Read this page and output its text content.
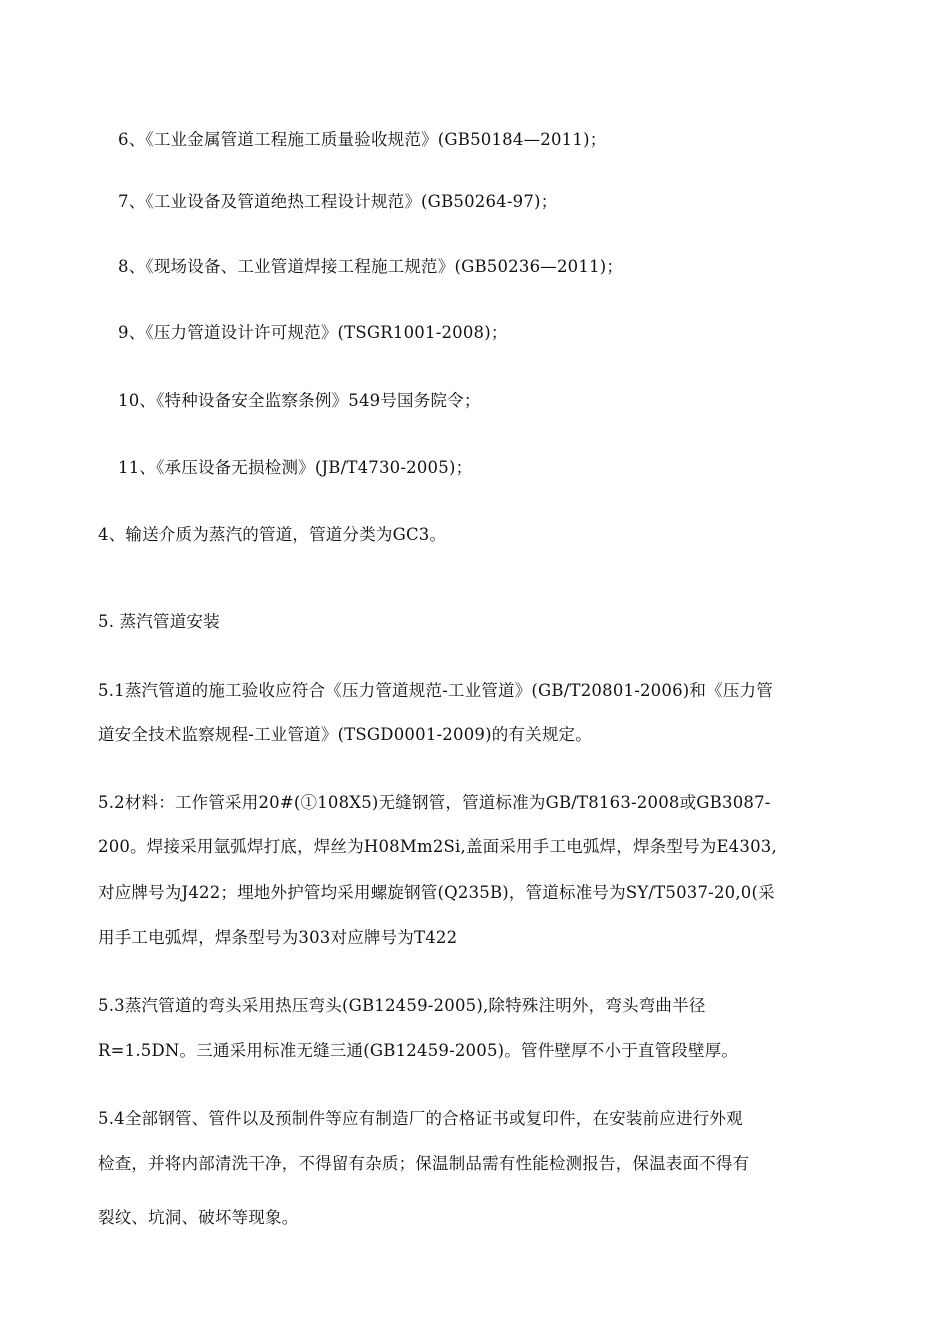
6、《工业金属管道工程施工质量验收规范》(GB50184—2011)；
7、《工业设备及管道绝热工程设计规范》(GB50264-97)；
8、《现场设备、工业管道焊接工程施工规范》(GB50236—2011)；
9、《压力管道设计许可规范》(TSGR1001-2008)；
10、《特种设备安全监察条例》549号国务院令；
11、《承压设备无损检测》(JB/T4730-2005)；
4、输送介质为蒸汽的管道，管道分类为GC3。
5. 蒸汽管道安装
5.1蒸汽管道的施工验收应符合《压力管道规范-工业管道》(GB/T20801-2006)和《压力管
道安全技术监察规程-工业管道》(TSGD0001-2009)的有关规定。
5.2材料：工作管采用20#(①108X5)无缝钢管，管道标准为GB/T8163-2008或GB3087-
200。焊接采用氩弧焊打底，焊丝为H08Mm2Si,盖面采用手工电弧焊，焊条型号为E4303,
对应牌号为J422；埋地外护管均采用螺旋钢管(Q235B)，管道标准号为SY/T5037-20,0(采
用手工电弧焊，焊条型号为303对应牌号为T422
5.3蒸汽管道的弯头采用热压弯头(GB12459-2005),除特殊注明外，弯头弯曲半径
R=1.5DN。三通采用标准无缝三通(GB12459-2005)。管件壁厚不小于直管段壁厚。
5.4全部钢管、管件以及预制件等应有制造厂的合格证书或复印件，在安装前应进行外观
检查，并将内部清洗干净，不得留有杂质；保温制品需有性能检测报告，保温表面不得有
裂纹、坑洞、破坏等现象。
